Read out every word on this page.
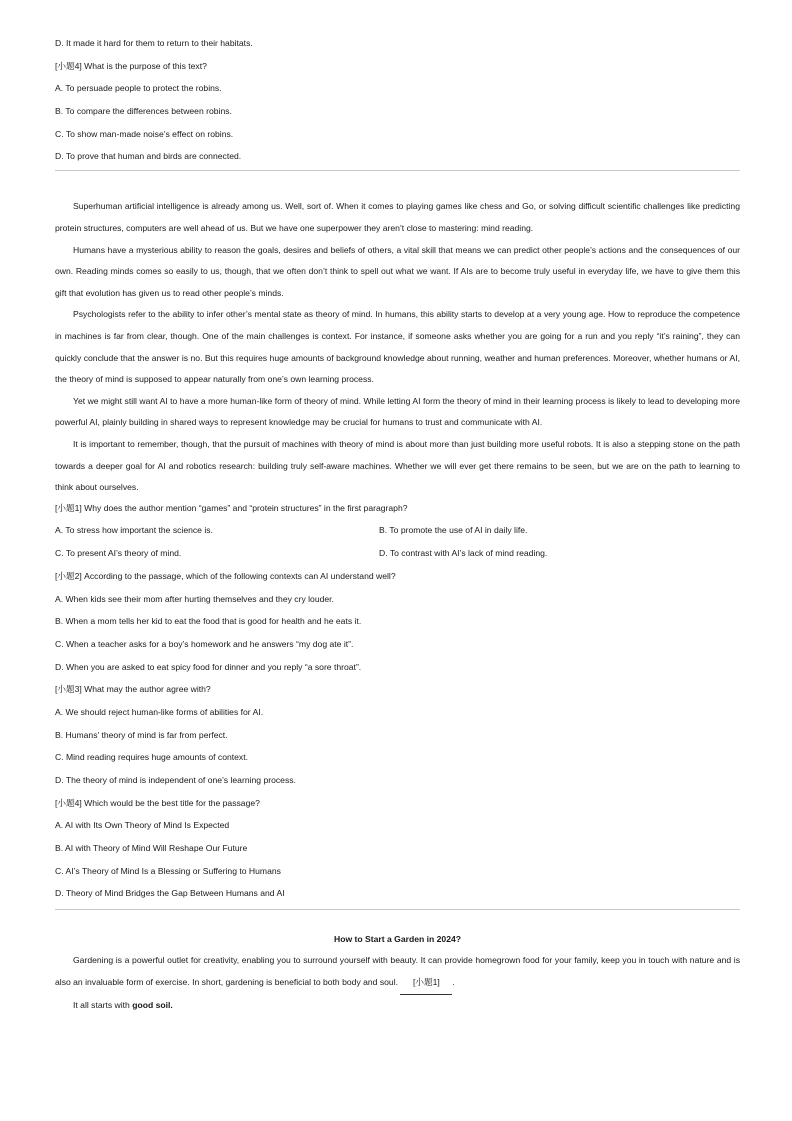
D. It made it hard for them to return to their habitats.
[小题4] What is the purpose of this text?
A. To persuade people to protect the robins.
B. To compare the differences between robins.
C. To show man-made noise’s effect on robins.
D. To prove that human and birds are connected.

Superhuman artificial intelligence is already among us. Well, sort of. When it comes to playing games like chess and Go, or solving difficult scientific challenges like predicting protein structures, computers are well ahead of us. But we have one superpower they aren’t close to mastering: mind reading.

Humans have a mysterious ability to reason the goals, desires and beliefs of others, a vital skill that means we can predict other people’s actions and the consequences of our own. Reading minds comes so easily to us, though, that we often don’t think to spell out what we want. If AIs are to become truly useful in everyday life, we have to give them this gift that evolution has given us to read other people’s minds.

Psychologists refer to the ability to infer other’s mental state as theory of mind. In humans, this ability starts to develop at a very young age. How to reproduce the competence in machines is far from clear, though. One of the main challenges is context. For instance, if someone asks whether you are going for a run and you reply “it’s raining”, they can quickly conclude that the answer is no. But this requires huge amounts of background knowledge about running, weather and human preferences. Moreover, whether humans or AI, the theory of mind is supposed to appear naturally from one’s own learning process.

Yet we might still want AI to have a more human-like form of theory of mind. While letting AI form the theory of mind in their learning process is likely to lead to developing more powerful AI, plainly building in shared ways to represent knowledge may be crucial for humans to trust and communicate with AI.

It is important to remember, though, that the pursuit of machines with theory of mind is about more than just building more useful robots. It is also a stepping stone on the path towards a deeper goal for AI and robotics research: building truly self-aware machines. Whether we will ever get there remains to be seen, but we are on the path to learning to think about ourselves.

[小题1] Why does the author mention “games” and “protein structures” in the first paragraph?
A. To stress how important the science is.	B. To promote the use of AI in daily life.
C. To present AI’s theory of mind.	D. To contrast with AI’s lack of mind reading.
[小题2] According to the passage, which of the following contexts can AI understand well?
A. When kids see their mom after hurting themselves and they cry louder.
B. When a mom tells her kid to eat the food that is good for health and he eats it.
C. When a teacher asks for a boy’s homework and he answers “my dog ate it”.
D. When you are asked to eat spicy food for dinner and you reply “a sore throat”.
[小题3] What may the author agree with?
A. We should reject human-like forms of abilities for AI.
B. Humans’ theory of mind is far from perfect.
C. Mind reading requires huge amounts of context.
D. The theory of mind is independent of one’s learning process.
[小题4] Which would be the best title for the passage?
A. AI with Its Own Theory of Mind Is Expected
B. AI with Theory of Mind Will Reshape Our Future
C. AI’s Theory of Mind Is a Blessing or Suffering to Humans
D. Theory of Mind Bridges the Gap Between Humans and AI
How to Start a Garden in 2024?

Gardening is a powerful outlet for creativity, enabling you to surround yourself with beauty. It can provide homegrown food for your family, keep you in touch with nature and is also an invaluable form of exercise. In short, gardening is beneficial to both body and soul. [小题1] .

It all starts with good soil.
